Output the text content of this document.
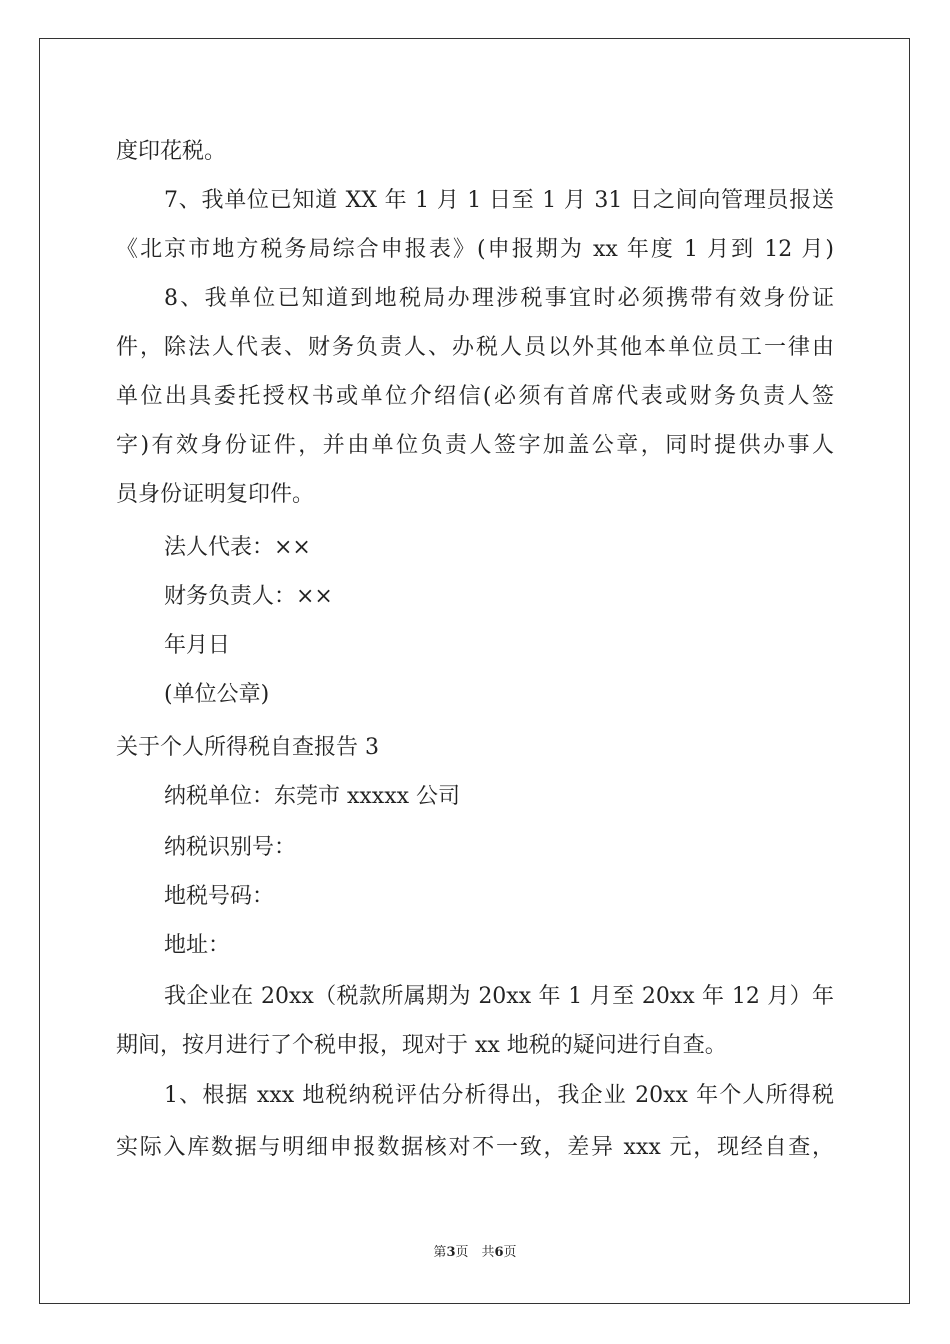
度印花税。
7、我单位已知道 XX 年 1 月 1 日至 1 月 31 日之间向管理员报送
《北京市地方税务局综合申报表》(申报期为 xx 年度 1 月到 12 月)
8、我单位已知道到地税局办理涉税事宜时必须携带有效身份证
件，除法人代表、财务负责人、办税人员以外其他本单位员工一律由
单位出具委托授权书或单位介绍信(必须有首席代表或财务负责人签
字)有效身份证件，并由单位负责人签字加盖公章，同时提供办事人
员身份证明复印件。
法人代表：××
财务负责人：××
年月日
(单位公章)
关于个人所得税自查报告 3
纳税单位：东莞市 xxxxx 公司
纳税识别号：
地税号码：
地址：
我企业在 20xx（税款所属期为 20xx 年 1 月至 20xx 年 12 月）年
期间，按月进行了个税申报，现对于 xx 地税的疑问进行自查。
1、根据 xxx 地税纳税评估分析得出，我企业 20xx 年个人所得税
实际入库数据与明细申报数据核对不一致，差异 xxx 元，现经自查，
第3页　共6页
